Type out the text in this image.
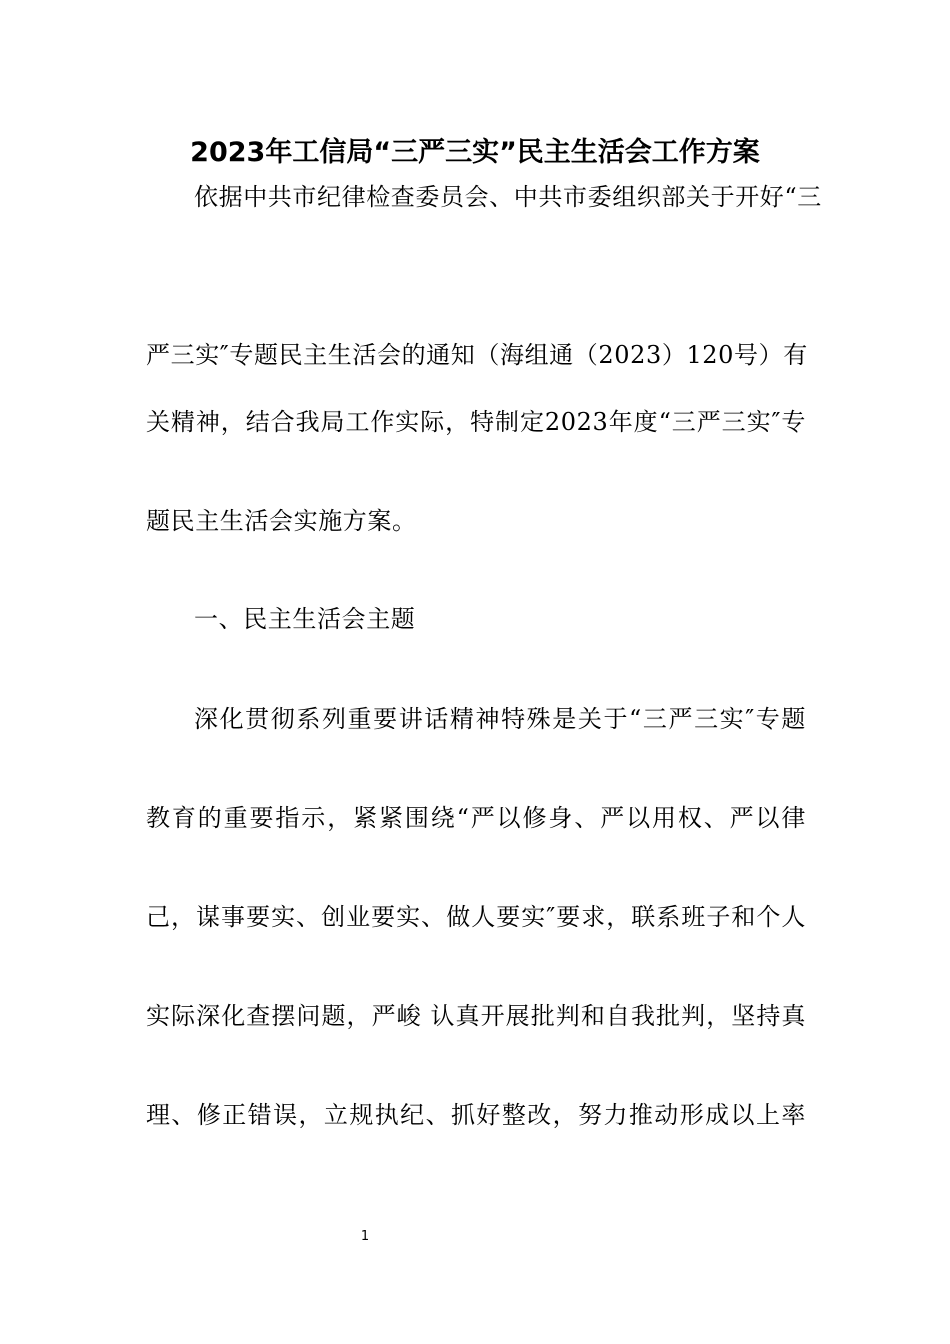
2023年工信局“三严三实”民主生活会工作方案

依据中共市纪律检查委员会、中共市委组织部关于开好“三

严三实″专题民主生活会的通知（海组通（2023）120号）有

关精神，结合我局工作实际，特制定2023年度“三严三实″专

题民主生活会实施方案。

一、民主生活会主题

深化贯彻系列重要讲话精神特殊是关于“三严三实″专题

教育的重要指示，紧紧围绕“严以修身、严以用权、严以律

己，谋事要实、创业要实、做人要实″要求，联系班子和个人

实际深化查摆问题，严峻 认真开展批判和自我批判，坚持真

理、修正错误，立规执纪、抓好整改，努力推动形成以上率

1
